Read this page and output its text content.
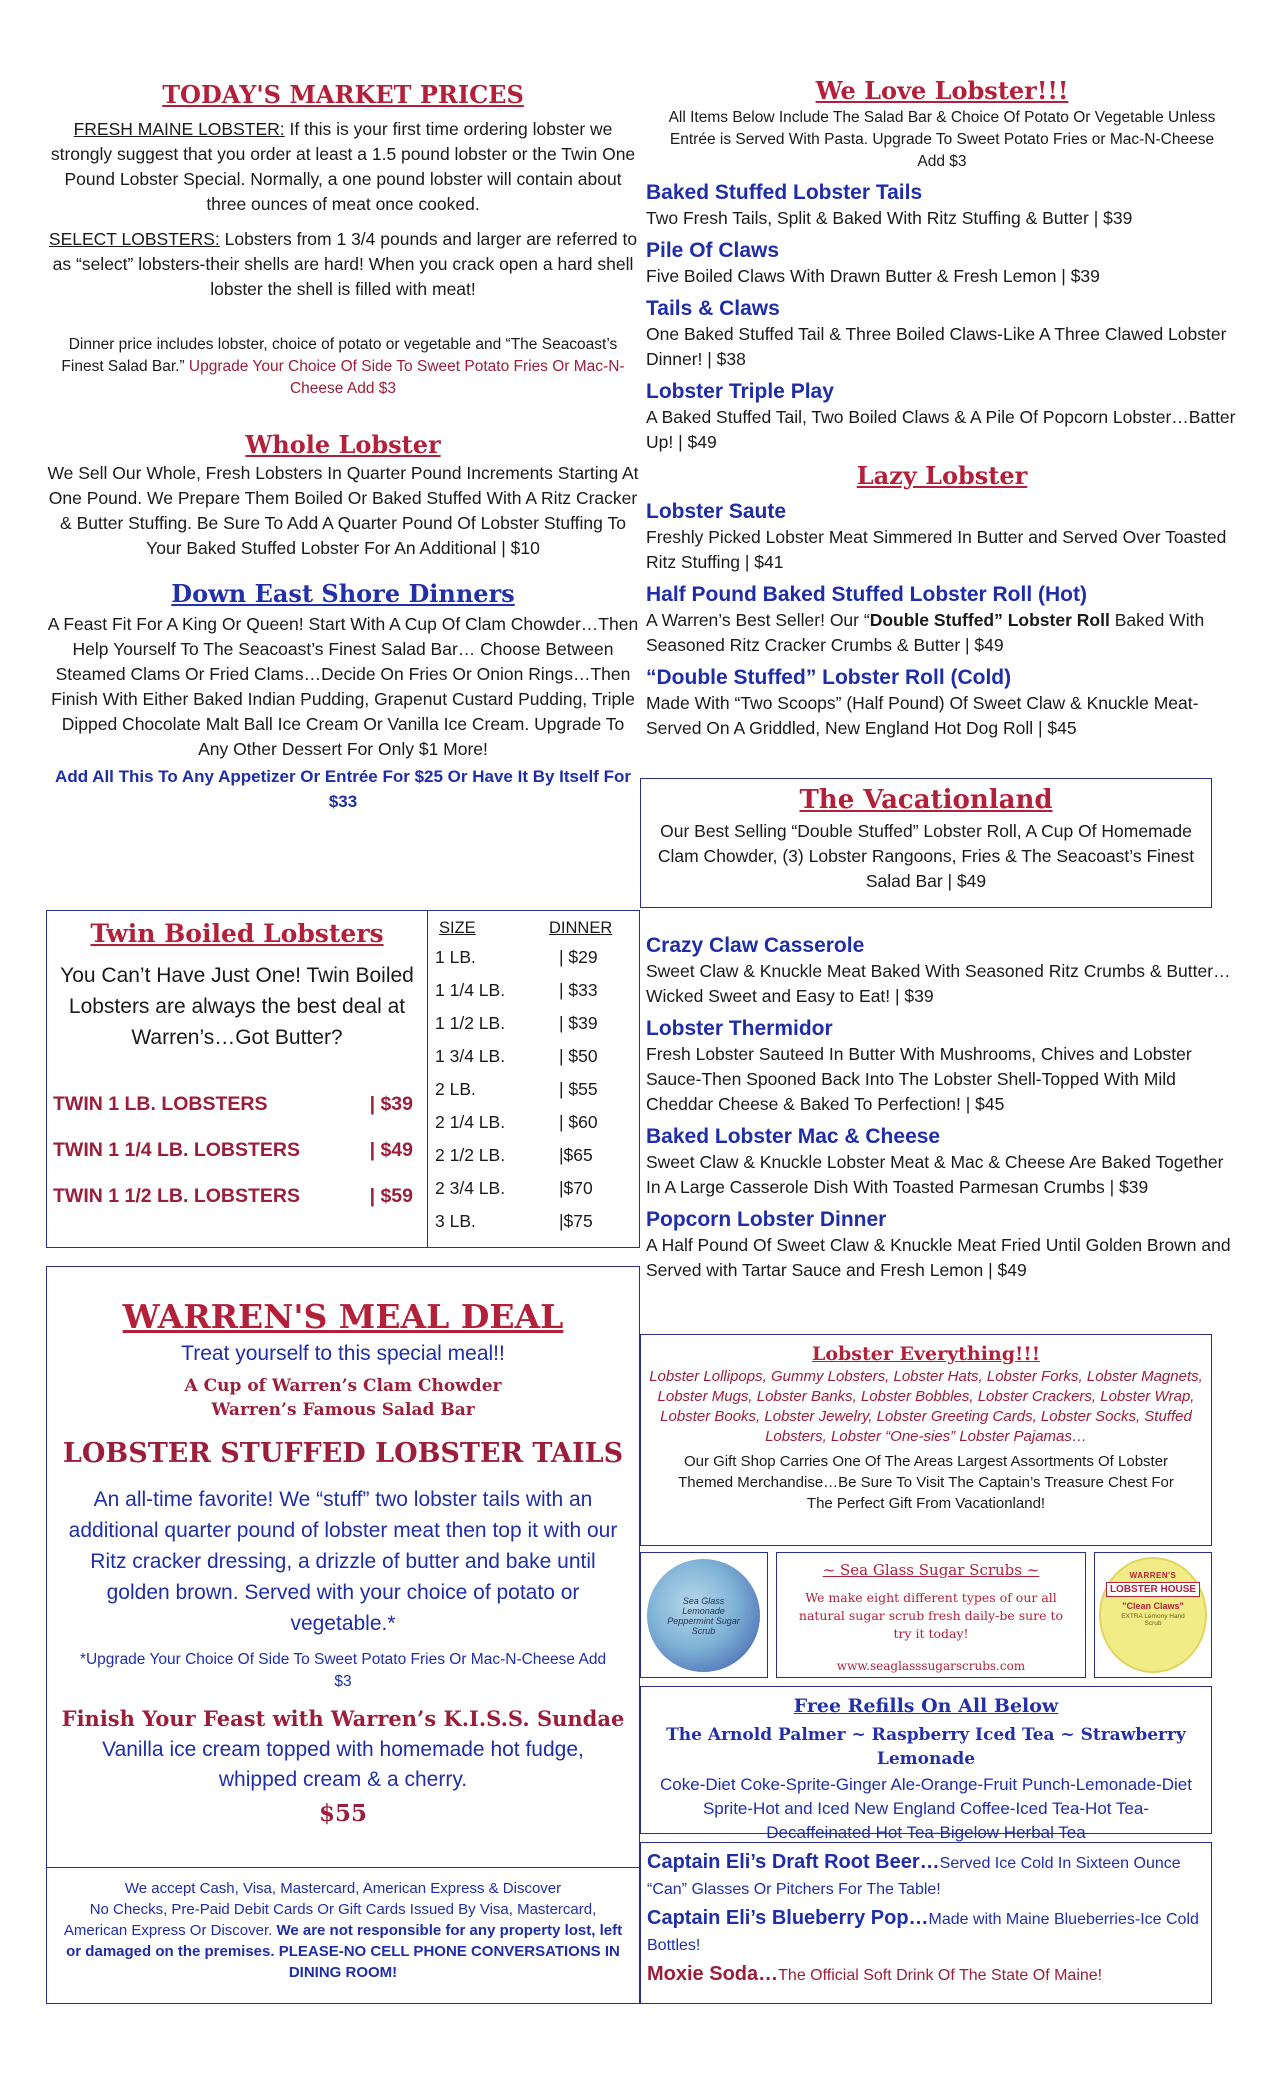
TODAY'S MARKET PRICES

FRESH MAINE LOBSTER: If this is your first time ordering lobster we strongly suggest that you order at least a 1.5 pound lobster or the Twin One Pound Lobster Special. Normally, a one pound lobster will contain about three ounces of meat once cooked.

SELECT LOBSTERS: Lobsters from 1 3/4 pounds and larger are referred to as “select” lobsters-their shells are hard! When you crack open a hard shell lobster the shell is filled with meat!

Dinner price includes lobster, choice of potato or vegetable and “The Seacoast’s Finest Salad Bar.” Upgrade Your Choice Of Side To Sweet Potato Fries Or Mac-N-Cheese Add $3

Whole Lobster

We Sell Our Whole, Fresh Lobsters In Quarter Pound Increments Starting At One Pound. We Prepare Them Boiled Or Baked Stuffed With A Ritz Cracker & Butter Stuffing. Be Sure To Add A Quarter Pound Of Lobster Stuffing To Your Baked Stuffed Lobster For An Additional | $10

Down East Shore Dinners

A Feast Fit For A King Or Queen! Start With A Cup Of Clam Chowder…Then Help Yourself To The Seacoast’s Finest Salad Bar… Choose Between Steamed Clams Or Fried Clams…Decide On Fries Or Onion Rings…Then Finish With Either Baked Indian Pudding, Grapenut Custard Pudding, Triple Dipped Chocolate Malt Ball Ice Cream Or Vanilla Ice Cream. Upgrade To Any Other Dessert For Only $1 More!

Add All This To Any Appetizer Or Entrée For $25 Or Have It By Itself For $33

Twin Boiled Lobsters

You Can’t Have Just One! Twin Boiled Lobsters are always the best deal at Warren’s…Got Butter?

TWIN 1 LB. LOBSTERS	| $39
TWIN 1 1/4 LB. LOBSTERS	| $49
TWIN 1 1/2 LB. LOBSTERS	| $59
SIZE	DINNER
1 LB.	| $29
1 1/4 LB.	| $33
1 1/2 LB.	| $39
1 3/4 LB.	| $50
2 LB.	| $55
2 1/4 LB.	| $60
2 1/2 LB.	|$65
2 3/4 LB.	|$70
3 LB.	|$75
WARREN'S MEAL DEAL

Treat yourself to this special meal!!

A Cup of Warren’s Clam Chowder

Warren’s Famous Salad Bar

LOBSTER STUFFED LOBSTER TAILS

An all-time favorite! We “stuff” two lobster tails with an additional quarter pound of lobster meat then top it with our Ritz cracker dressing, a drizzle of butter and bake until golden brown. Served with your choice of potato or vegetable.*

*Upgrade Your Choice Of Side To Sweet Potato Fries Or Mac-N-Cheese Add $3

Finish Your Feast with Warren’s K.I.S.S. Sundae

Vanilla ice cream topped with homemade hot fudge, whipped cream & a cherry.

$55

We accept Cash, Visa, Mastercard, American Express & Discover

No Checks, Pre-Paid Debit Cards Or Gift Cards Issued By Visa, Mastercard, American Express Or Discover. We are not responsible for any property lost, left or damaged on the premises. PLEASE-NO CELL PHONE CONVERSATIONS IN DINING ROOM!

We Love Lobster!!!

All Items Below Include The Salad Bar & Choice Of Potato Or Vegetable Unless Entrée is Served With Pasta. Upgrade To Sweet Potato Fries or Mac-N-Cheese Add $3

Baked Stuffed Lobster Tails

Two Fresh Tails, Split & Baked With Ritz Stuffing & Butter | $39

Pile Of Claws

Five Boiled Claws With Drawn Butter & Fresh Lemon | $39

Tails & Claws

One Baked Stuffed Tail & Three Boiled Claws-Like A Three Clawed Lobster Dinner! | $38

Lobster Triple Play

A Baked Stuffed Tail, Two Boiled Claws & A Pile Of Popcorn Lobster…Batter Up! | $49

Lazy Lobster

Lobster Saute

Freshly Picked Lobster Meat Simmered In Butter and Served Over Toasted Ritz Stuffing | $41

Half Pound Baked Stuffed Lobster Roll (Hot)

A Warren’s Best Seller! Our “Double Stuffed” Lobster Roll Baked With Seasoned Ritz Cracker Crumbs & Butter | $49

“Double Stuffed” Lobster Roll (Cold)

Made With “Two Scoops” (Half Pound) Of Sweet Claw & Knuckle Meat-Served On A Griddled, New England Hot Dog Roll | $45

The Vacationland

Our Best Selling “Double Stuffed” Lobster Roll, A Cup Of Homemade Clam Chowder, (3) Lobster Rangoons, Fries & The Seacoast’s Finest Salad Bar | $49

Crazy Claw Casserole

Sweet Claw & Knuckle Meat Baked With Seasoned Ritz Crumbs & Butter…Wicked Sweet and Easy to Eat! | $39

Lobster Thermidor

Fresh Lobster Sauteed In Butter With Mushrooms, Chives and Lobster Sauce-Then Spooned Back Into The Lobster Shell-Topped With Mild Cheddar Cheese & Baked To Perfection! | $45

Baked Lobster Mac & Cheese

Sweet Claw & Knuckle Lobster Meat & Mac & Cheese Are Baked Together In A Large Casserole Dish With Toasted Parmesan Crumbs | $39

Popcorn Lobster Dinner

A Half Pound Of Sweet Claw & Knuckle Meat Fried Until Golden Brown and Served with Tartar Sauce and Fresh Lemon | $49

Lobster Everything!!!

Lobster Lollipops, Gummy Lobsters, Lobster Hats, Lobster Forks, Lobster Magnets, Lobster Mugs, Lobster Banks, Lobster Bobbles, Lobster Crackers, Lobster Wrap, Lobster Books, Lobster Jewelry, Lobster Greeting Cards, Lobster Socks, Stuffed Lobsters, Lobster “One-sies” Lobster Pajamas…

Our Gift Shop Carries One Of The Areas Largest Assortments Of Lobster Themed Merchandise…Be Sure To Visit The Captain’s Treasure Chest For The Perfect Gift From Vacationland!

Sea Glass Lemonade Peppermint Sugar Scrub

~ Sea Glass Sugar Scrubs ~

We make eight different types of our all natural sugar scrub fresh daily-be sure to try it today!

www.seaglasssugarscrubs.com

WARREN'S
LOBSTER HOUSE
"Clean Claws"
EXTRA Lemony Hand Scrub
Free Refills On All Below

The Arnold Palmer ~ Raspberry Iced Tea ~ Strawberry Lemonade

Coke-Diet Coke-Sprite-Ginger Ale-Orange-Fruit Punch-Lemonade-Diet Sprite-Hot and Iced New England Coffee-Iced Tea-Hot Tea-Decaffeinated Hot Tea-Bigelow Herbal Tea

Captain Eli’s Draft Root Beer…Served Ice Cold In Sixteen Ounce “Can” Glasses Or Pitchers For The Table!

Captain Eli’s Blueberry Pop…Made with Maine Blueberries-Ice Cold Bottles!

Moxie Soda…The Official Soft Drink Of The State Of Maine!
